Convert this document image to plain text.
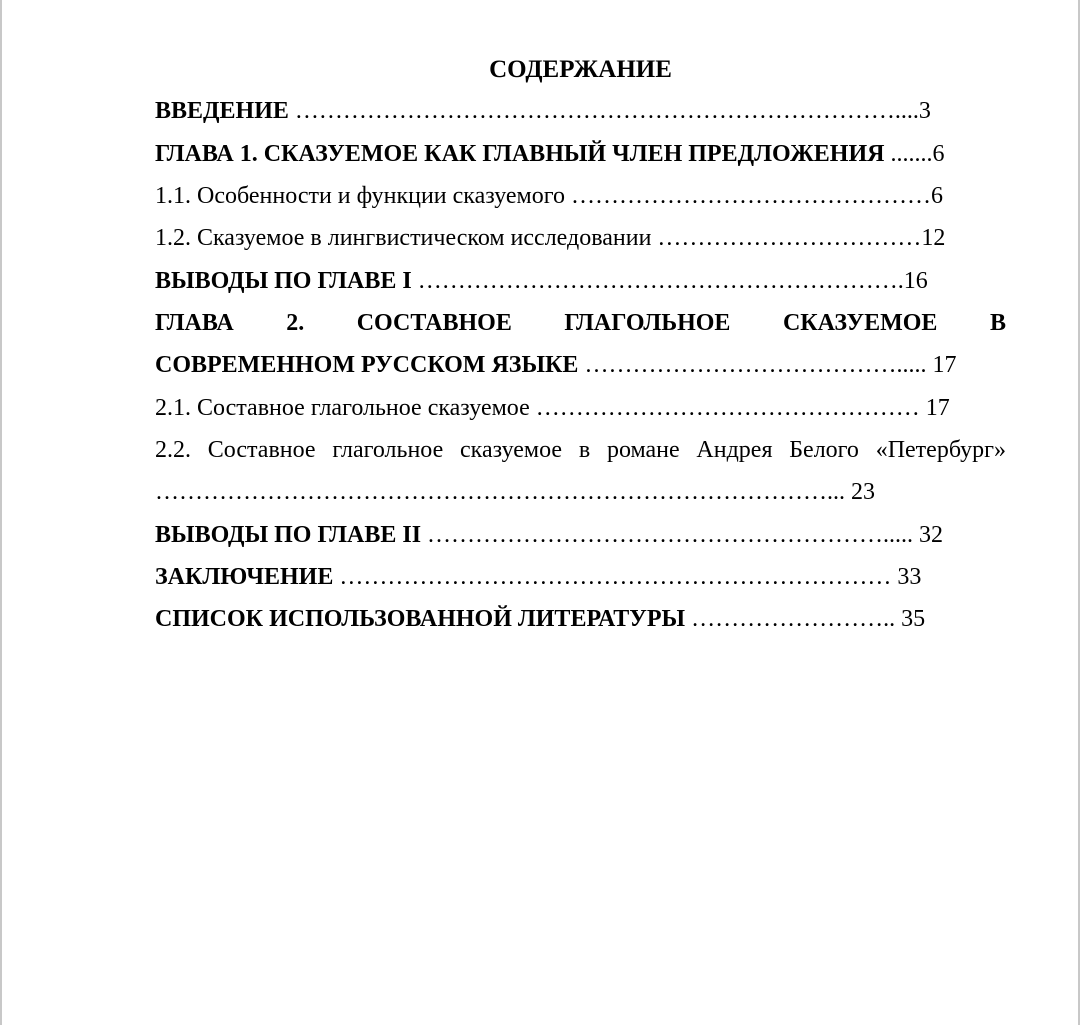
СОДЕРЖАНИЕ
ВВЕДЕНИЕ …………………………………………………………………....3
ГЛАВА 1. СКАЗУЕМОЕ КАК ГЛАВНЫЙ ЧЛЕН ПРЕДЛОЖЕНИЯ .......6
1.1. Особенности и функции сказуемого ………………………………………6
1.2. Сказуемое в лингвистическом исследовании ……………………………12
ВЫВОДЫ ПО ГЛАВЕ I …………………………………………………….16
ГЛАВА 2. СОСТАВНОЕ ГЛАГОЛЬНОЕ СКАЗУЕМОЕ В
СОВРЕМЕННОМ РУССКОМ ЯЗЫКЕ …………………………………..... 17
2.1. Составное глагольное сказуемое ………………………………………… 17
2.2. Составное глагольное сказуемое в романе Андрея Белого «Петербург»
…………………………………………………………………………... 23
ВЫВОДЫ ПО ГЛАВЕ II …………………………………………………..... 32
ЗАКЛЮЧЕНИЕ …………………………………………………………… 33
СПИСОК ИСПОЛЬЗОВАННОЙ ЛИТЕРАТУРЫ …………………….. 35
